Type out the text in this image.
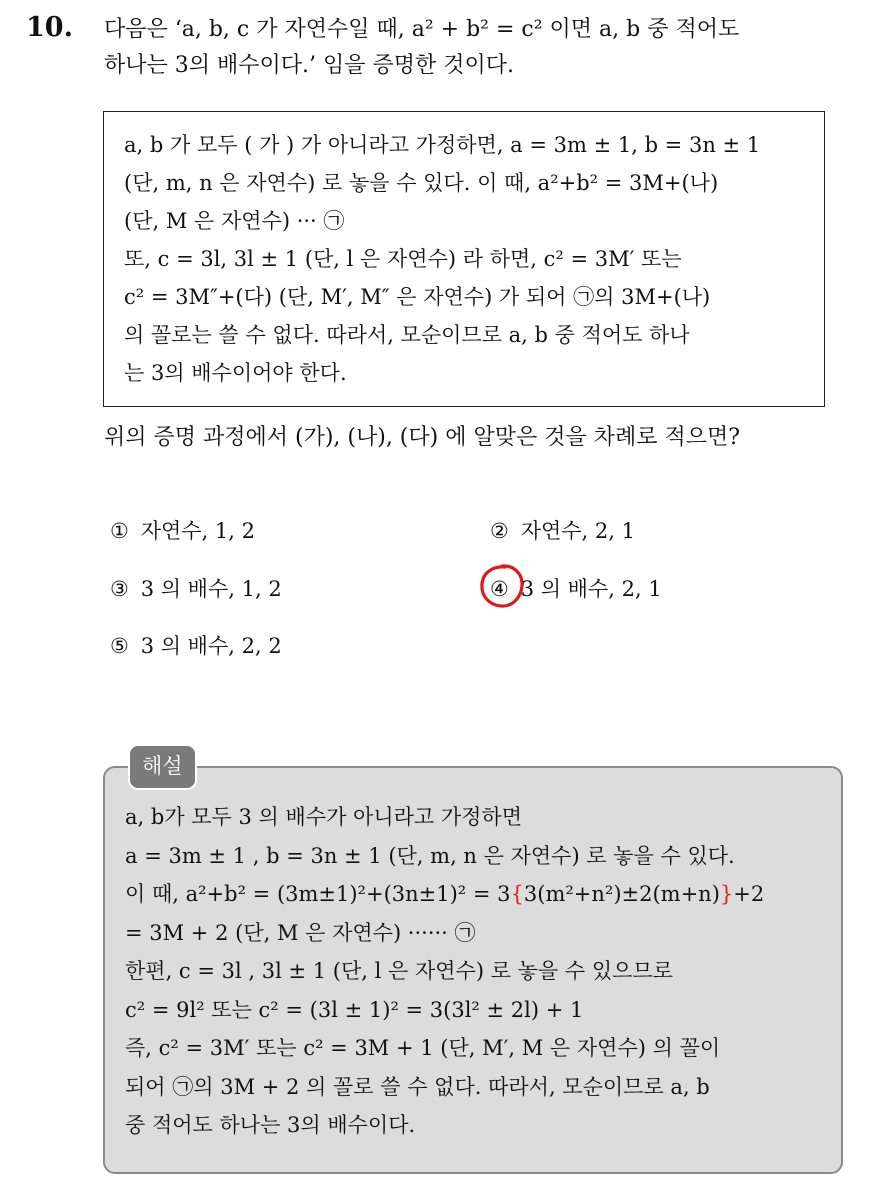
10. 다음은 ‘a, b, c 가 자연수일 때, a² + b² = c² 이면 a, b 중 적어도
하나는 3의 배수이다.’ 임을 증명한 것이다.
a, b 가 모두 ( 가 ) 가 아니라고 가정하면, a = 3m ± 1, b = 3n ± 1
(단, m, n 은 자연수) 로 놓을 수 있다. 이 때, a²+b² = 3M+(나)
(단, M 은 자연수) ··· ㉠
또, c = 3l, 3l ± 1 (단, l 은 자연수) 라 하면, c² = 3M′ 또는
c² = 3M″+(다) (단, M′, M″ 은 자연수) 가 되어 ㉠의 3M+(나)
의 꼴로는 쓸 수 없다. 따라서, 모순이므로 a, b 중 적어도 하나
는 3의 배수이어야 한다.
위의 증명 과정에서 (가), (나), (다) 에 알맞은 것을 차례로 적으면?
① 자연수, 1, 2	② 자연수, 2, 1
③ 3 의 배수, 1, 2	④ 3 의 배수, 2, 1
⑤ 3 의 배수, 2, 2
a, b가 모두 3 의 배수가 아니라고 가정하면
a = 3m ± 1 , b = 3n ± 1 (단, m, n 은 자연수) 로 놓을 수 있다.
이 때, a²+b² = (3m±1)²+(3n±1)² = 3{3(m²+n²)±2(m+n)}+2
= 3M + 2 (단, M 은 자연수) ······ ㉠
한편, c = 3l , 3l ± 1 (단, l 은 자연수) 로 놓을 수 있으므로
c² = 9l² 또는 c² = (3l ± 1)² = 3(3l² ± 2l) + 1
즉, c² = 3M′ 또는 c² = 3M + 1 (단, M′, M 은 자연수) 의 꼴이
되어 ㉠의 3M + 2 의 꼴로 쓸 수 없다. 따라서, 모순이므로 a, b
중 적어도 하나는 3의 배수이다.
해설
